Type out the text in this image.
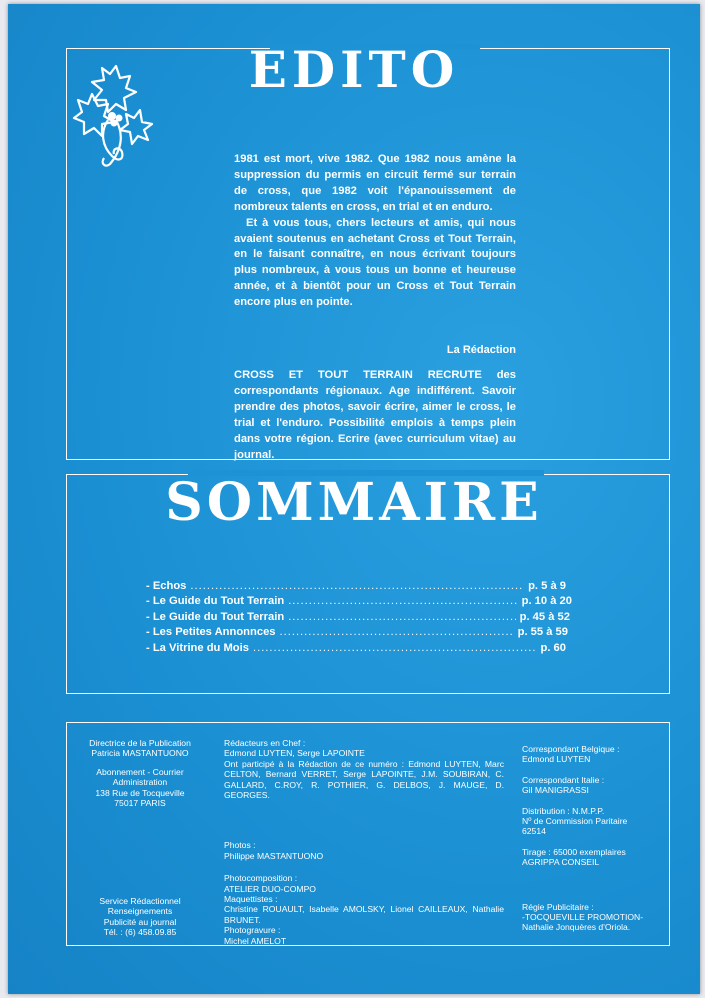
EDITO

1981 est mort, vive 1982. Que 1982 nous amène la suppression du permis en circuit fermé sur terrain de cross, que 1982 voit l'épanouissement de nombreux talents en cross, en trial et en enduro.

Et à vous tous, chers lecteurs et amis, qui nous avaient soutenus en achetant Cross et Tout Terrain, en le faisant connaître, en nous écrivant toujours plus nombreux, à vous tous un bonne et heureuse année, et à bientôt pour un Cross et Tout Terrain encore plus en pointe.

La Rédaction

CROSS ET TOUT TERRAIN RECRUTE des correspondants régionaux. Age indifférent. Savoir prendre des photos, savoir écrire, aimer le cross, le trial et l'enduro. Possibilité emplois à temps plein dans votre région. Ecrire (avec curriculum vitae) au journal.

SOMMAIRE
- Echos .....	p. 5 à 9
- Le Guide du Tout Terrain .....	p. 10 à 20
- Le Guide du Tout Terrain .....	p. 45 à 52
- Les Petites Annonnces .....	p. 55 à 59
- La Vitrine du Mois .....	p. 60

Directrice de la Publication

Patricia MASTANTUONO

Abonnement - Courrier

Administration

138 Rue de Tocqueville

75017 PARIS

Service Rédactionnel

Renseignements

Publicité au journal

Tél. : (6) 458.09.85

Rédacteurs en Chef :

Edmond LUYTEN, Serge LAPOINTE

Ont participé à la Rédaction de ce numéro : Edmond LUYTEN, Marc CELTON, Bernard VERRET, Serge LAPOINTE, J.M. SOUBIRAN, C. GALLARD, C.ROY, R. POTHIER, G. DELBOS, J. MAUGE, D. GEORGES.

Photos :

Philippe MASTANTUONO

Photocomposition :

ATELIER DUO-COMPO

Maquettistes :

Christine ROUAULT, Isabelle AMOLSKY, Lionel CAILLEAUX, Nathalie BRUNET.

Photogravure :

Michel AMELOT

Correspondant Belgique :

Edmond LUYTEN

Correspondant Italie :

Gil MANIGRASSI

Distribution : N.M.P.P.

Nº de Commission Paritaire

62514

Tirage : 65000 exemplaires

AGRIPPA CONSEIL

Régie Publicitaire :

-TOCQUEVILLE PROMOTION-

Nathalie Jonquères d'Oriola.
